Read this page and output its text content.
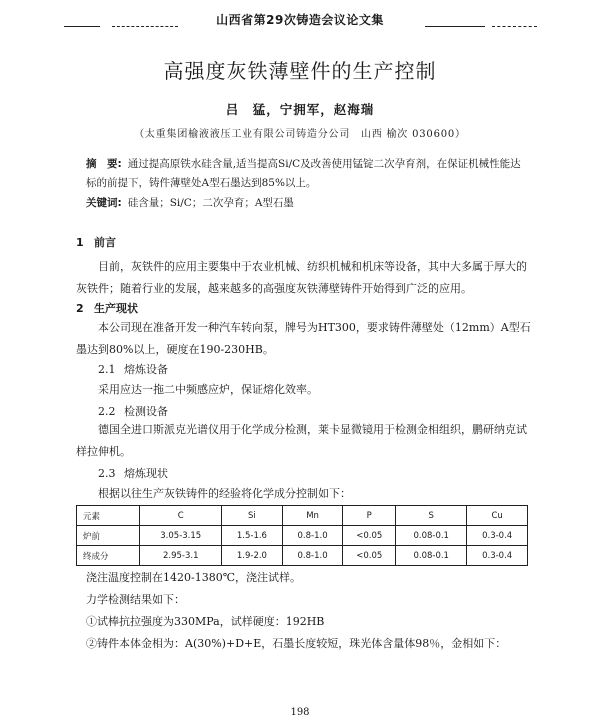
山西省第29次铸造会议论文集
高强度灰铁薄壁件的生产控制
吕　猛，宁拥军，赵海瑞
（太重集团榆液液压工业有限公司铸造分公司　山西 榆次 030600）
摘　要: 通过提高原铁水硅含量,适当提高Si/C及改善使用锰锭二次孕育剂，在保证机械性能达标的前提下，铸件薄壁处A型石墨达到85%以上。
关键词: 硅含量；Si/C；二次孕育；A型石墨
1 前言
目前，灰铁件的应用主要集中于农业机械、纺织机械和机床等设备，其中大多属于厚大的灰铁件；随着行业的发展，越来越多的高强度灰铁薄壁铸件开始得到广泛的应用。
2 生产现状
本公司现在准备开发一种汽车转向泵，牌号为HT300，要求铸件薄壁处（12mm）A型石墨达到80%以上，硬度在190-230HB。
2.1 熔炼设备
采用应达一拖二中频感应炉，保证熔化效率。
2.2 检测设备
德国全进口斯派克光谱仪用于化学成分检测，莱卡显微镜用于检测金相组织，鹏研纳克试样拉伸机。
2.3 熔炼现状
根据以往生产灰铁铸件的经验将化学成分控制如下：
元素	C	Si	Mn	P	S	Cu
炉前	3.05-3.15	1.5-1.6	0.8-1.0	<0.05	0.08-0.1	0.3-0.4
终成分	2.95-3.1	1.9-2.0	0.8-1.0	<0.05	0.08-0.1	0.3-0.4
浇注温度控制在1420-1380℃，浇注试样。
力学检测结果如下：
①试棒抗拉强度为330MPa，试样硬度：192HB
②铸件本体金相为：A(30%)+D+E，石墨长度较短，珠光体含量体98％，金相如下：
198
